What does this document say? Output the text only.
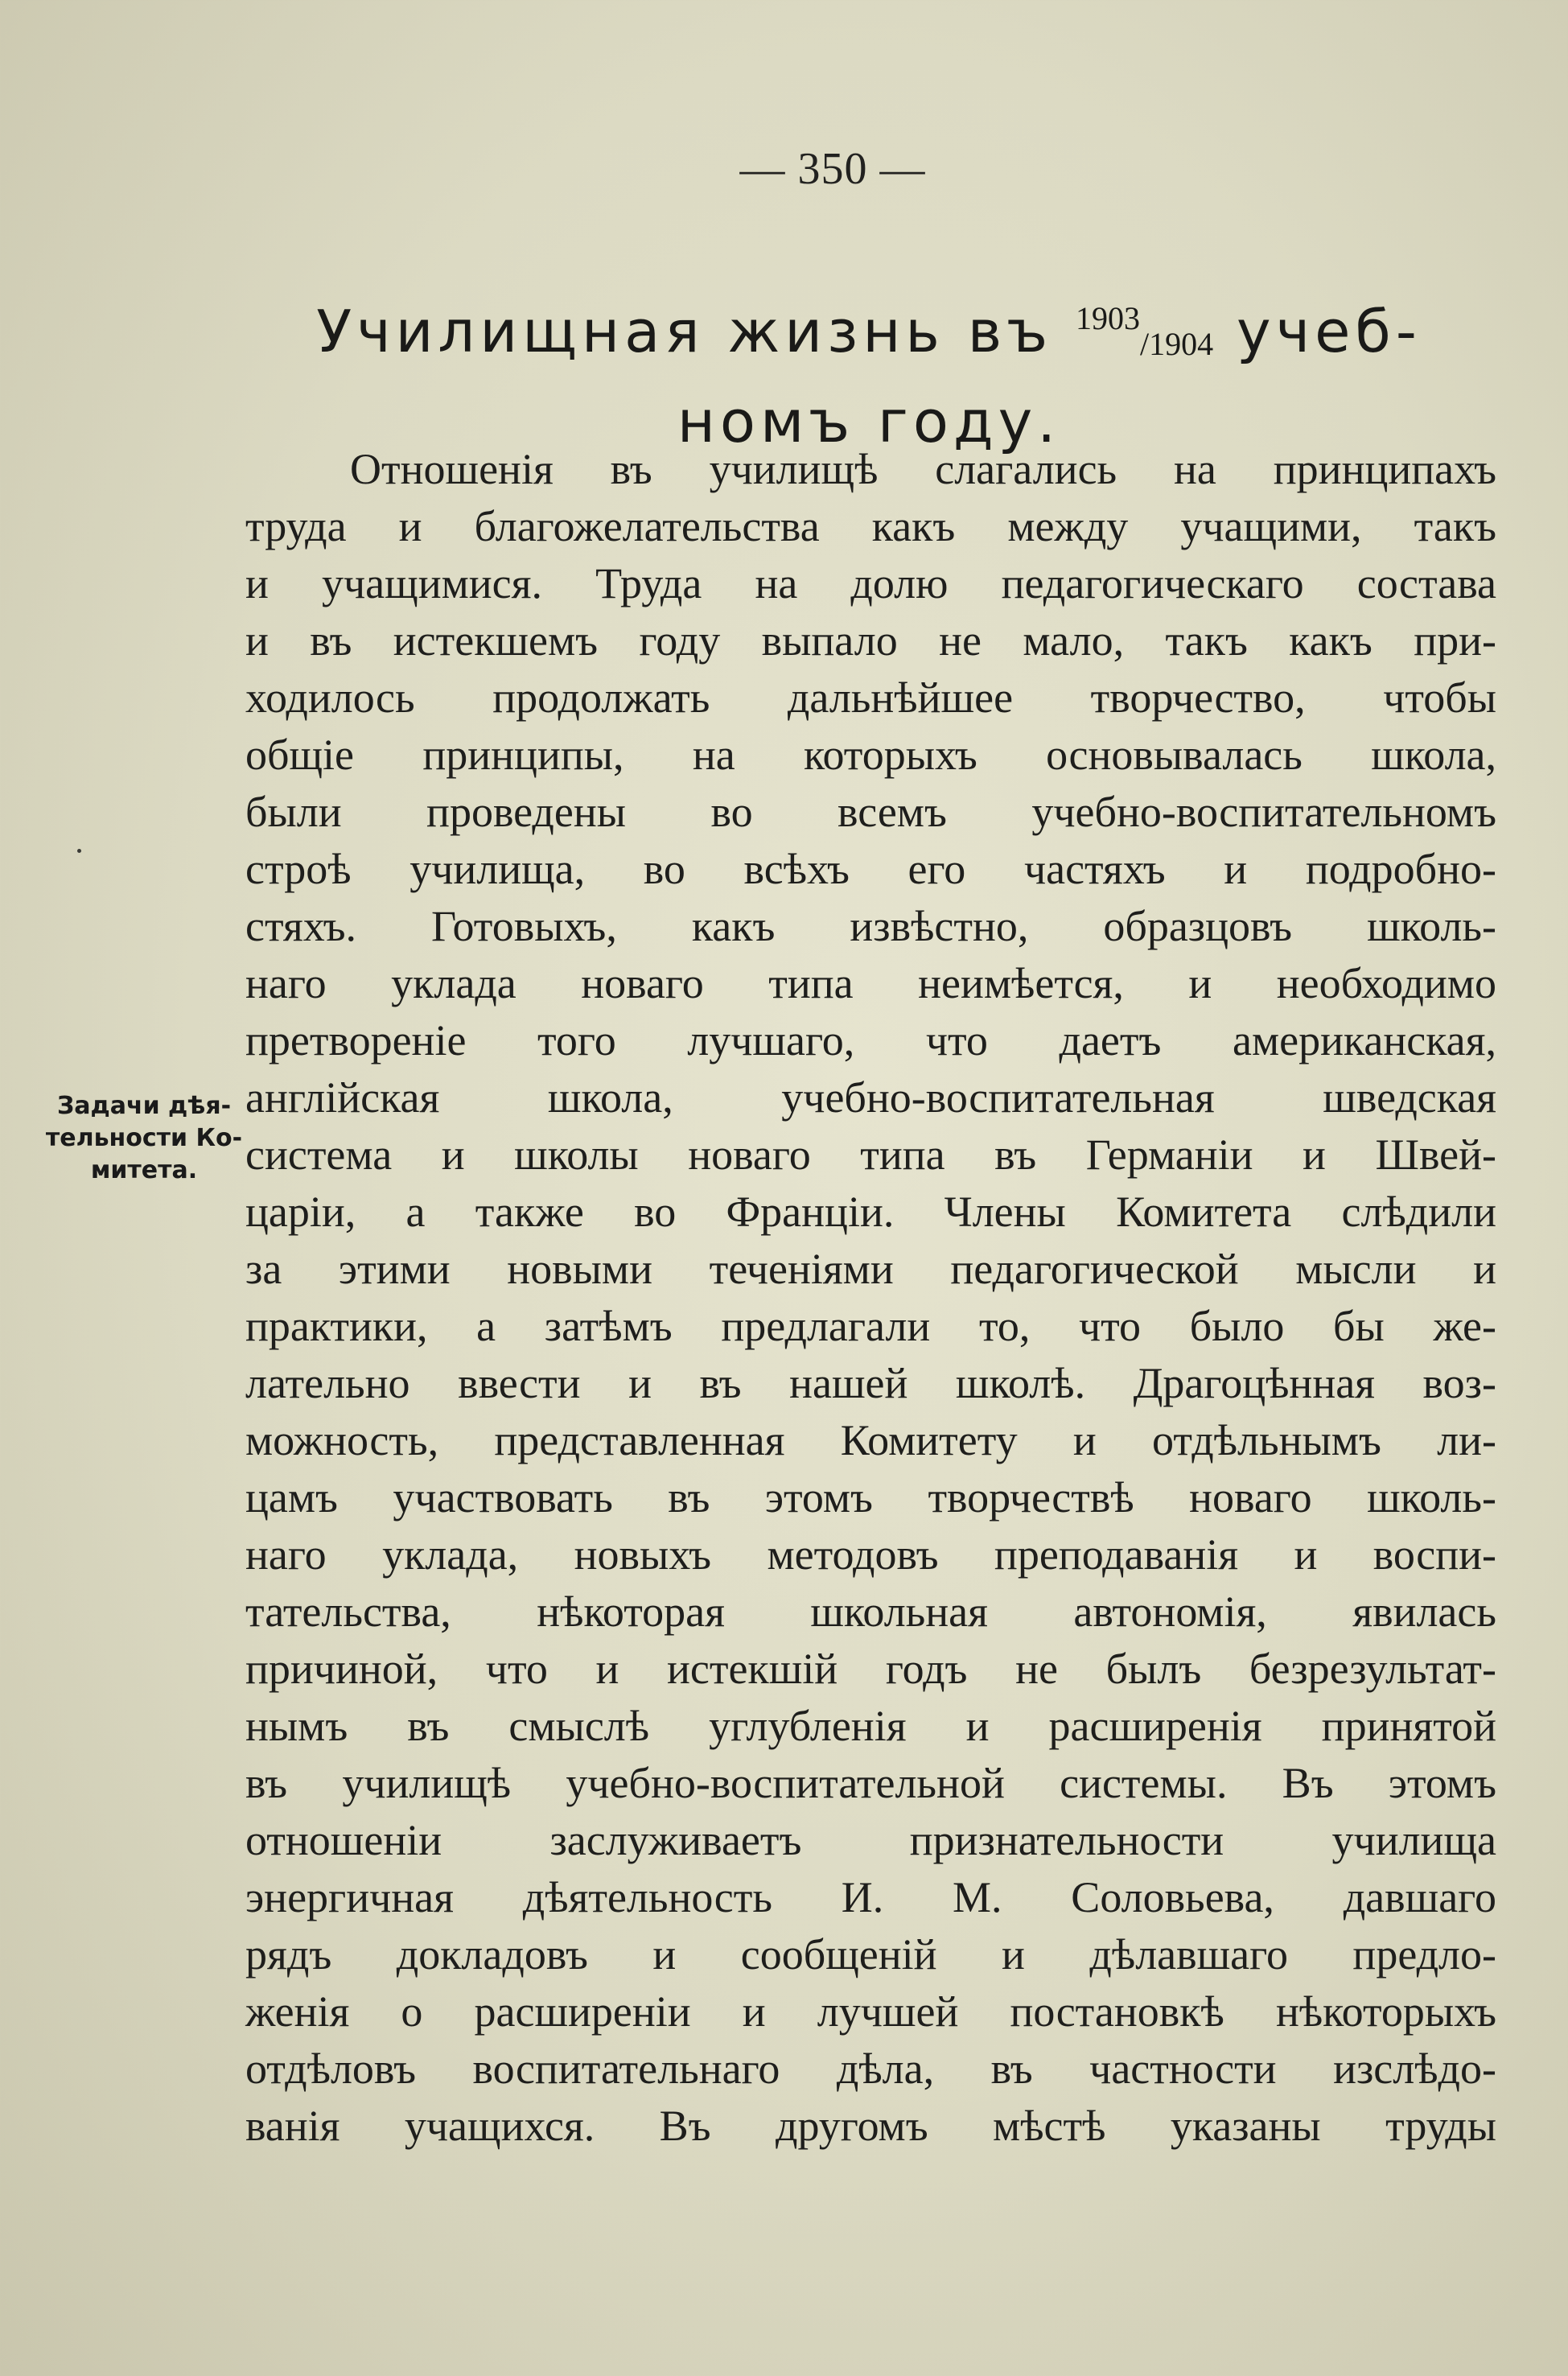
— 350 —
Училищная жизнь въ 1903/1904 учеб-
номъ году.
Задачи дѣя-
тельности Ко-
митета.
Отношенія въ училищѣ слагались на принципахъ
труда и благожелательства какъ между учащими, такъ
и учащимися. Труда на долю педагогическаго состава
и въ истекшемъ году выпало не мало, такъ какъ при-
ходилось продолжать дальнѣйшее творчество, чтобы
общіе принципы, на которыхъ основывалась школа,
были проведены во всемъ учебно-воспитательномъ
строѣ училища, во всѣхъ его частяхъ и подробно-
стяхъ. Готовыхъ, какъ извѣстно, образцовъ школь-
наго уклада новаго типа неимѣется, и необходимо
претвореніе того лучшаго, что даетъ американская,
англійская школа, учебно-воспитательная шведская
система и школы новаго типа въ Германіи и Швей-
царіи, а также во Франціи. Члены Комитета слѣдили
за этими новыми теченіями педагогической мысли и
практики, а затѣмъ предлагали то, что было бы же-
лательно ввести и въ нашей школѣ. Драгоцѣнная воз-
можность, представленная Комитету и отдѣльнымъ ли-
цамъ участвовать въ этомъ творчествѣ новаго школь-
наго уклада, новыхъ методовъ преподаванія и воспи-
тательства, нѣкоторая школьная автономія, явилась
причиной, что и истекшій годъ не былъ безрезультат-
нымъ въ смыслѣ углубленія и расширенія принятой
въ училищѣ учебно-воспитательной системы. Въ этомъ
отношеніи заслуживаетъ признательности училища
энергичная дѣятельность И. М. Соловьева, давшаго
рядъ докладовъ и сообщеній и дѣлавшаго предло-
женія о расширеніи и лучшей постановкѣ нѣкоторыхъ
отдѣловъ воспитательнаго дѣла, въ частности изслѣдо-
ванія учащихся. Въ другомъ мѣстѣ указаны труды
